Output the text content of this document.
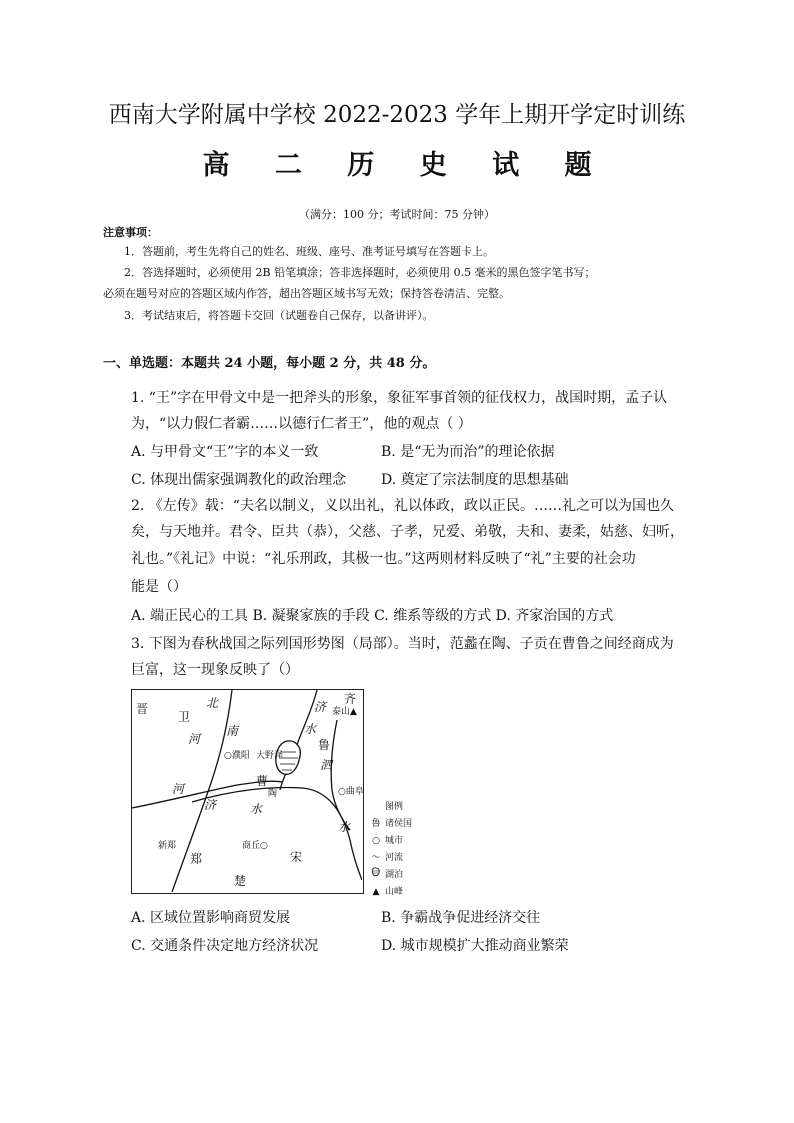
西南大学附属中学校 2022-2023 学年上期开学定时训练
高 二 历 史 试 题
（满分：100 分；考试时间：75 分钟）
注意事项：
1．答题前，考生先将自己的姓名、班级、座号、准考证号填写在答题卡上。
2．答选择题时，必须使用 2B 铅笔填涂；答非选择题时，必须使用 0.5 毫米的黑色签字笔书写；
必须在题号对应的答题区域内作答，超出答题区域书写无效；保持答卷清洁、完整。
3．考试结束后，将答题卡交回（试题卷自己保存，以备讲评）。
一、单选题：本题共 24 小题，每小题 2 分，共 48 分。
1. “王”字在甲骨文中是一把斧头的形象，象征军事首领的征伐权力，战国时期，孟子认
为，“以力假仁者霸……以德行仁者王”，他的观点（ ）
A. 与甲骨文“王”字的本义一致	B. 是“无为而治”的理论依据
C. 体现出儒家强调教化的政治理念 D. 奠定了宗法制度的思想基础
2. 《左传》载：“夫名以制义，义以出礼，礼以体政，政以正民。……礼之可以为国也久
矣，与天地并。君令、臣共（恭），父慈、子孝，兄爱、弟敬，夫和、妻柔，姑慈、妇听，
礼也。”《礼记》中说：“礼乐刑政，其极一也。”这两则材料反映了“礼”主要的社会功
能是（）
A. 端正民心的工具 B. 凝聚家族的手段 C. 维系等级的方式 D. 齐家治国的方式
3. 下图为春秋战国之际列国形势图（局部）。当时，范蠡在陶、子贡在曹鲁之间经商成为
巨富，这一现象反映了（）
晋
卫
齐
鲁
曹
郑	宋
楚
北
南
河
河
济
济
水
水
水
泗
○濮阳 大野泽
陶	○曲阜
泰山▲
新郑	商丘○
图例
鲁 诸侯国
○ 城市
〜 河流
湖泊
▲ 山峰
A. 区域位置影响商贸发展	B. 争霸战争促进经济交往
C. 交通条件决定地方经济状况	D. 城市规模扩大推动商业繁荣
